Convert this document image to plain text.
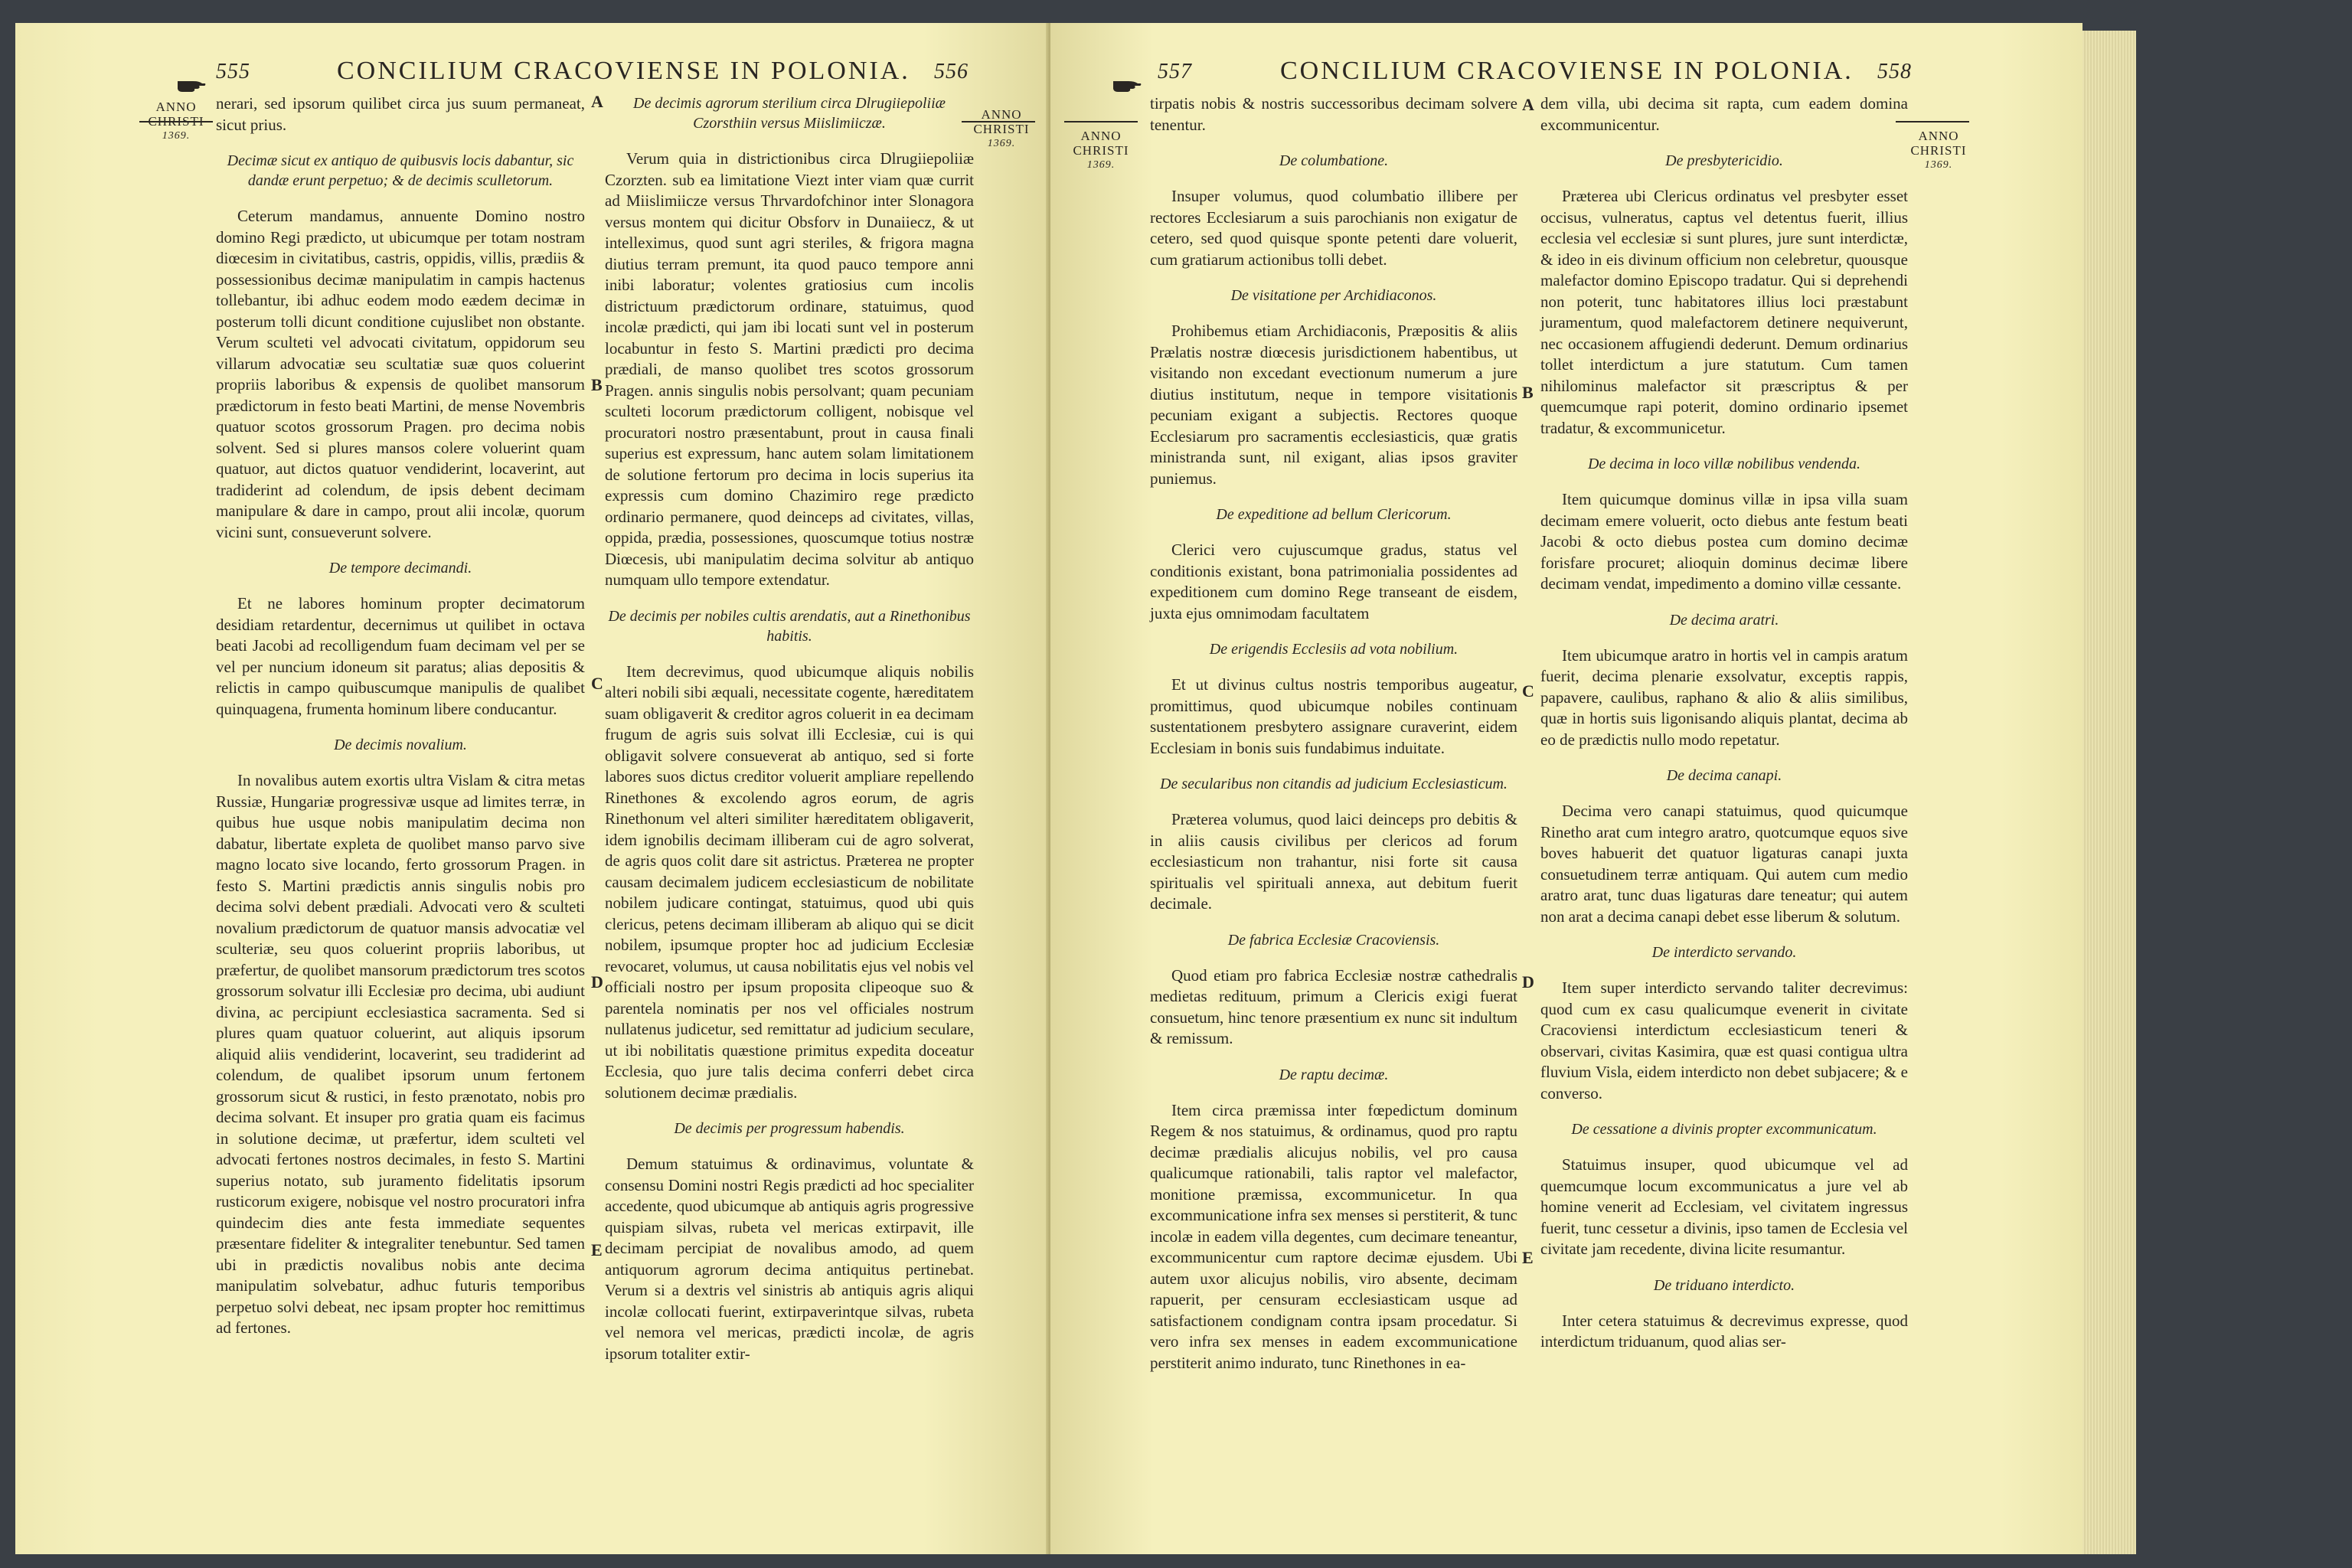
555	CONCILIUM CRACOVIENSE IN POLONIA. 556
ANNO
CHRISTI
1369.
ANNO
CHRISTI
1369.

nerari, sed ipsorum quilibet circa jus suum permaneat, sicut prius.

Decimæ sicut ex antiquo de quibusvis locis dabantur, sic dandæ erunt perpetuo; & de decimis sculletorum.

Ceterum mandamus, annuente Domino nostro domino Regi prædicto, ut ubicumque per totam nostram diœcesim in civitatibus, castris, oppidis, villis, prædiis & possessionibus decimæ manipulatim in campis hactenus tollebantur, ibi adhuc eodem modo eædem decimæ in posterum tolli dicunt conditione cujuslibet non obstante. Verum sculteti vel advocati civitatum, oppidorum seu villarum advocatiæ seu scultatiæ suæ quos coluerint propriis laboribus & expensis de quolibet mansorum prædictorum in festo beati Martini, de mense Novembris quatuor scotos grossorum Pragen. pro decima nobis solvent. Sed si plures mansos colere voluerint quam quatuor, aut dictos quatuor vendiderint, locaverint, aut tradiderint ad colendum, de ipsis debent decimam manipulare & dare in campo, prout alii incolæ, quorum vicini sunt, consueverunt solvere.

De tempore decimandi.

Et ne labores hominum propter decimatorum desidiam retardentur, decernimus ut quilibet in octava beati Jacobi ad recolligendum fuam decimam vel per se vel per nuncium idoneum sit paratus; alias depositis & relictis in campo quibuscumque manipulis de qualibet quinquagena, frumenta hominum libere conducantur.

De decimis novalium.

In novalibus autem exortis ultra Vislam & citra metas Russiæ, Hungariæ progressivæ usque ad limites terræ, in quibus hue usque nobis manipulatim decima non dabatur, libertate expleta de quolibet manso parvo sive magno locato sive locando, ferto grossorum Pragen. in festo S. Martini prædictis annis singulis nobis pro decima solvi debent prædiali. Advocati vero & sculteti novalium prædictorum de quatuor mansis advocatiæ vel sculteriæ, seu quos coluerint propriis laboribus, ut præfertur, de quolibet mansorum prædictorum tres scotos grossorum solvatur illi Ecclesiæ pro decima, ubi audiunt divina, ac percipiunt ecclesiastica sacramenta. Sed si plures quam quatuor coluerint, aut aliquis ipsorum aliquid aliis vendiderint, locaverint, seu tradiderint ad colendum, de qualibet ipsorum unum fertonem grossorum sicut & rustici, in festo prænotato, nobis pro decima solvant. Et insuper pro gratia quam eis facimus in solutione decimæ, ut præfertur, idem sculteti vel advocati fertones nostros decimales, in festo S. Martini superius notato, sub juramento fidelitatis ipsorum rusticorum exigere, nobisque vel nostro procuratori infra quindecim dies ante festa immediate sequentes præsentare fideliter & integraliter tenebuntur. Sed tamen ubi in prædictis novalibus nobis ante decima manipulatim solvebatur, adhuc futuris temporibus perpetuo solvi debeat, nec ipsam propter hoc remittimus ad fertones.

De decimis agrorum sterilium circa Dlrugiiepoliiæ Czorsthiin versus Miislimiiczæ.

Verum quia in districtionibus circa Dlrugiiepoliiæ Czorzten. sub ea limitatione Viezt inter viam quæ currit ad Miislimiicze versus Thrvardofchinor inter Slonagora versus montem qui dicitur Obsforv in Dunaiiecz, & ut intelleximus, quod sunt agri steriles, & frigora magna diutius terram premunt, ita quod pauco tempore anni inibi laboratur; volentes gratiosius cum incolis districtuum prædictorum ordinare, statuimus, quod incolæ prædicti, qui jam ibi locati sunt vel in posterum locabuntur in festo S. Martini prædicti pro decima prædiali, de manso quolibet tres scotos grossorum Pragen. annis singulis nobis persolvant; quam pecuniam sculteti locorum prædictorum colligent, nobisque vel procuratori nostro præsentabunt, prout in causa finali superius est expressum, hanc autem solam limitationem de solutione fertorum pro decima in locis superius ita expressis cum domino Chazimiro rege prædicto ordinario permanere, quod deinceps ad civitates, villas, oppida, prædia, possessiones, quoscumque totius nostræ Diœcesis, ubi manipulatim decima solvitur ab antiquo numquam ullo tempore extendatur.

De decimis per nobiles cultis arendatis, aut a Rinethonibus habitis.

Item decrevimus, quod ubicumque aliquis nobilis alteri nobili sibi æquali, necessitate cogente, hæreditatem suam obligaverit & creditor agros coluerit in ea decimam frugum de agris suis solvat illi Ecclesiæ, cui is qui obligavit solvere consueverat ab antiquo, sed si forte labores suos dictus creditor voluerit ampliare repellendo Rinethones & excolendo agros eorum, de agris Rinethonum vel alteri similiter hæreditatem obligaverit, idem ignobilis decimam illiberam cui de agro solverat, de agris quos colit dare sit astrictus. Præterea ne propter causam decimalem judicem ecclesiasticum de nobilitate nobilem judicare contingat, statuimus, quod ubi quis clericus, petens decimam illiberam ab aliquo qui se dicit nobilem, ipsumque propter hoc ad judicium Ecclesiæ revocaret, volumus, ut causa nobilitatis ejus vel nobis vel officiali nostro per ipsum proposita clipeoque suo & parentela nominatis per nos vel officiales nostrum nullatenus judicetur, sed remittatur ad judicium seculare, ut ibi nobilitatis quæstione primitus expedita doceatur Ecclesia, quo jure talis decima conferri debet circa solutionem decimæ prædialis.

De decimis per progressum habendis.

Demum statuimus & ordinavimus, voluntate & consensu Domini nostri Regis prædicti ad hoc specialiter accedente, quod ubicumque ab antiquis agris progressive quispiam silvas, rubeta vel mericas extirpavit, ille decimam percipiat de novalibus amodo, ad quem antiquorum agrorum decima antiquitus pertinebat. Verum si a dextris vel sinistris ab antiquis agris aliqui incolæ collocati fuerint, extirpaverintque silvas, rubeta vel nemora vel mericas, prædicti incolæ, de agris ipsorum totaliter extir-

A
B
C
D
E
557	CONCILIUM CRACOVIENSE IN POLONIA. 558
ANNO
CHRISTI
1369.
ANNO
CHRISTI
1369.

tirpatis nobis & nostris successoribus decimam solvere tenentur.

De columbatione.

Insuper volumus, quod columbatio illibere per rectores Ecclesiarum a suis parochianis non exigatur de cetero, sed quod quisque sponte petenti dare voluerit, cum gratiarum actionibus tolli debet.

De visitatione per Archidiaconos.

Prohibemus etiam Archidiaconis, Præpositis & aliis Prælatis nostræ diœcesis jurisdictionem habentibus, ut visitando non excedant evectionum numerum a jure diutius institutum, neque in tempore visitationis pecuniam exigant a subjectis. Rectores quoque Ecclesiarum pro sacramentis ecclesiasticis, quæ gratis ministranda sunt, nil exigant, alias ipsos graviter puniemus.

De expeditione ad bellum Clericorum.

Clerici vero cujuscumque gradus, status vel conditionis existant, bona patrimonialia possidentes ad expeditionem cum domino Rege transeant de eisdem, juxta ejus omnimodam facultatem

De erigendis Ecclesiis ad vota nobilium.

Et ut divinus cultus nostris temporibus augeatur, promittimus, quod ubicumque nobiles continuam sustentationem presbytero assignare curaverint, eidem Ecclesiam in bonis suis fundabimus induitate.

De secularibus non citandis ad judicium Ecclesiasticum.

Præterea volumus, quod laici deinceps pro debitis & in aliis causis civilibus per clericos ad forum ecclesiasticum non trahantur, nisi forte sit causa spiritualis vel spirituali annexa, aut debitum fuerit decimale.

De fabrica Ecclesiæ Cracoviensis.

Quod etiam pro fabrica Ecclesiæ nostræ cathedralis medietas redituum, primum a Clericis exigi fuerat consuetum, hinc tenore præsentium ex nunc sit indultum & remissum.

De raptu decimæ.

Item circa præmissa inter fœpedictum dominum Regem & nos statuimus, & ordinamus, quod pro raptu decimæ prædialis alicujus nobilis, vel pro causa qualicumque rationabili, talis raptor vel malefactor, monitione præmissa, excommunicetur. In qua excommunicatione infra sex menses si perstiterit, & tunc incolæ in eadem villa degentes, cum decimare teneantur, excommunicentur cum raptore decimæ ejusdem. Ubi autem uxor alicujus nobilis, viro absente, decimam rapuerit, per censuram ecclesiasticam usque ad satisfactionem condignam contra ipsam procedatur. Si vero infra sex menses in eadem excommunicatione perstiterit animo indurato, tunc Rinethones in ea-

dem villa, ubi decima sit rapta, cum eadem domina excommunicentur.

De presbytericidio.

Præterea ubi Clericus ordinatus vel presbyter esset occisus, vulneratus, captus vel detentus fuerit, illius ecclesia vel ecclesiæ si sunt plures, jure sunt interdictæ, & ideo in eis divinum officium non celebretur, quousque malefactor domino Episcopo tradatur. Qui si deprehendi non poterit, tunc habitatores illius loci præstabunt juramentum, quod malefactorem detinere nequiverunt, nec occasionem affugiendi dederunt. Demum ordinarius tollet interdictum a jure statutum. Cum tamen nihilominus malefactor sit præscriptus & per quemcumque rapi poterit, domino ordinario ipsemet tradatur, & excommunicetur.

De decima in loco villæ nobilibus vendenda.

Item quicumque dominus villæ in ipsa villa suam decimam emere voluerit, octo diebus ante festum beati Jacobi & octo diebus postea cum domino decimæ forisfare procuret; alioquin dominus decimæ libere decimam vendat, impedimento a domino villæ cessante.

De decima aratri.

Item ubicumque aratro in hortis vel in campis aratum fuerit, decima plenarie exsolvatur, exceptis rappis, papavere, caulibus, raphano & alio & aliis similibus, quæ in hortis suis ligonisando aliquis plantat, decima ab eo de prædictis nullo modo repetatur.

De decima canapi.

Decima vero canapi statuimus, quod quicumque Rinetho arat cum integro aratro, quotcumque equos sive boves habuerit det quatuor ligaturas canapi juxta consuetudinem terræ antiquam. Qui autem cum medio aratro arat, tunc duas ligaturas dare teneatur; qui autem non arat a decima canapi debet esse liberum & solutum.

De interdicto servando.

Item super interdicto servando taliter decrevimus: quod cum ex casu qualicumque evenerit in civitate Cracoviensi interdictum ecclesiasticum teneri & observari, civitas Kasimira, quæ est quasi contigua ultra fluvium Visla, eidem interdicto non debet subjacere; & e converso.

De cessatione a divinis propter excommunicatum.

Statuimus insuper, quod ubicumque vel ad quemcumque locum excommunicatus a jure vel ab homine venerit ad Ecclesiam, vel civitatem ingressus fuerit, tunc cessetur a divinis, ipso tamen de Ecclesia vel civitate jam recedente, divina licite resumantur.

De triduano interdicto.

Inter cetera statuimus & decrevimus expresse, quod interdictum triduanum, quod alias ser-

A
B
C
D
E
